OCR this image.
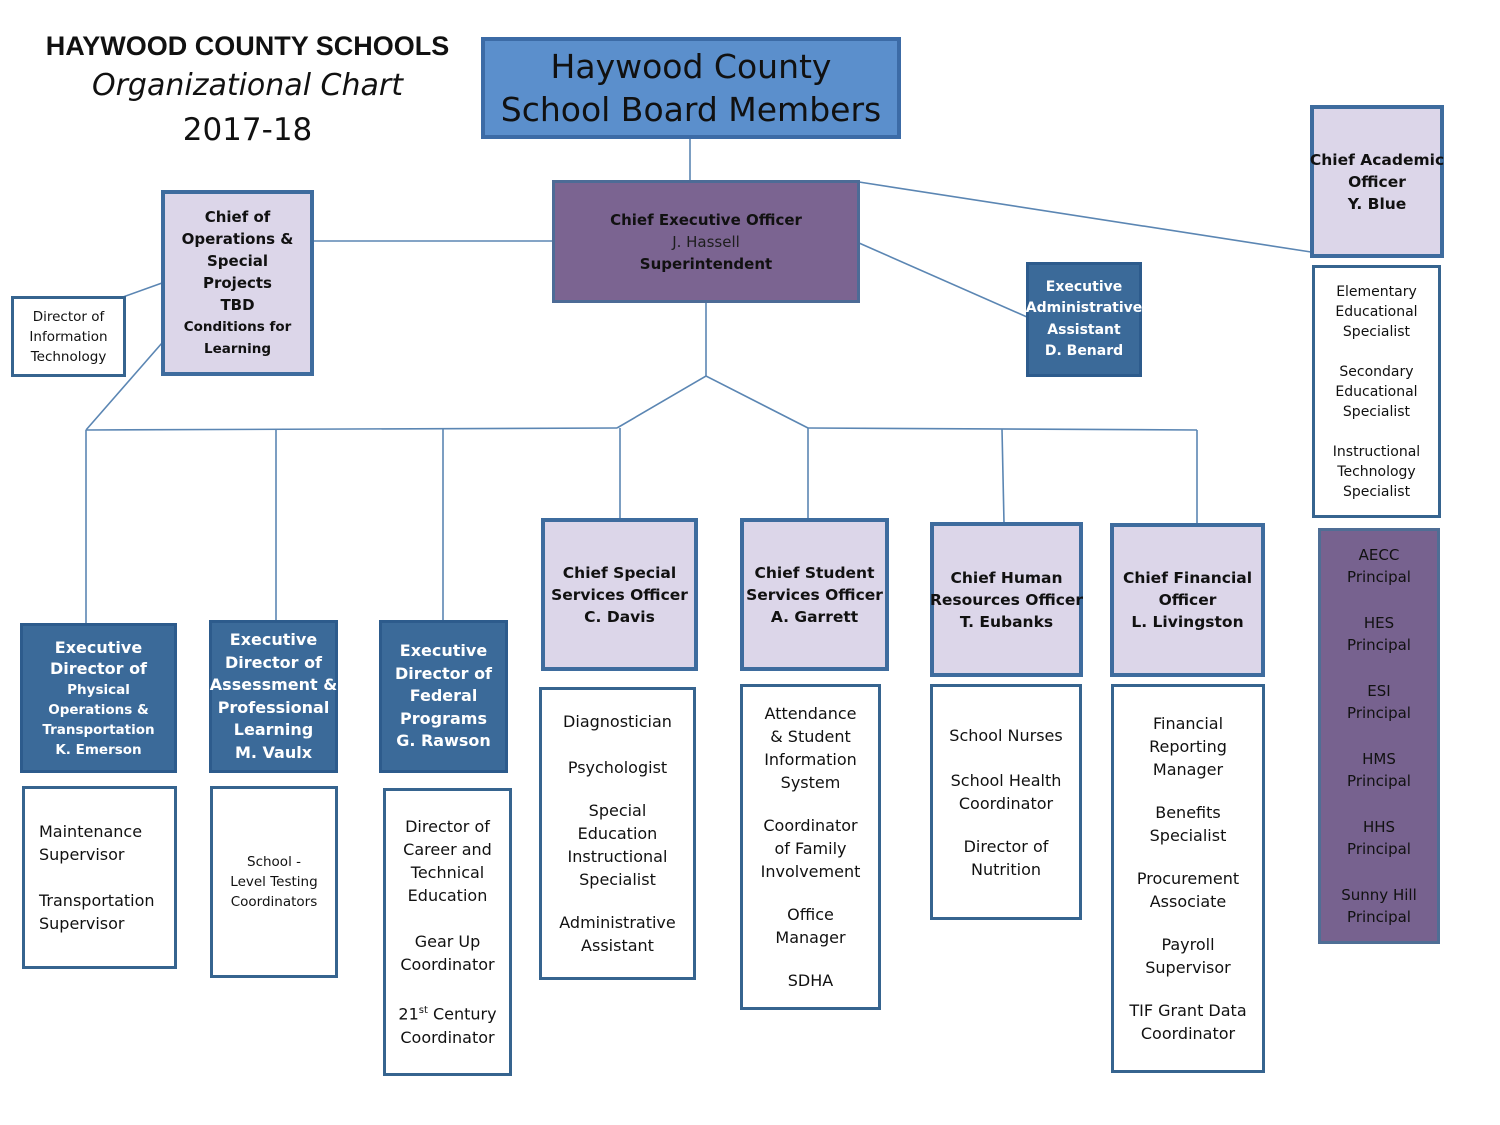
HAYWOOD COUNTY SCHOOLS
Organizational Chart
2017-18
Haywood County
School Board Members
Chief Executive Officer
J. Hassell
Superintendent
Chief of
Operations &
Special
Projects
TBD
Conditions for
Learning
Director of
Information
Technology
Executive
Administrative
Assistant
D. Benard
Chief Academic
Officer
Y. Blue
Elementary
Educational
Specialist
Secondary
Educational
Specialist
Instructional
Technology
Specialist
AECC
Principal
HES
Principal
ESI
Principal
HMS
Principal
HHS
Principal
Sunny Hill
Principal
Executive
Director of
Physical
Operations &
Transportation
K. Emerson
Executive
Director of
Assessment &
Professional
Learning
M. Vaulx
Executive
Director of
Federal
Programs
G. Rawson
Chief Special
Services Officer
C. Davis
Chief Student
Services Officer
A. Garrett
Chief Human
Resources Officer
T. Eubanks
Chief Financial
Officer
L. Livingston
Maintenance
Supervisor
Transportation
Supervisor
School -
Level Testing
Coordinators
Director of
Career and
Technical
Education
Gear Up
Coordinator
21st Century
Coordinator
Diagnostician
Psychologist
Special
Education
Instructional
Specialist
Administrative
Assistant
Attendance
& Student
Information
System
Coordinator
of Family
Involvement
Office
Manager
SDHA
School Nurses
School Health
Coordinator
Director of
Nutrition
Financial
Reporting
Manager
Benefits
Specialist
Procurement
Associate
Payroll
Supervisor
TIF Grant Data
Coordinator
